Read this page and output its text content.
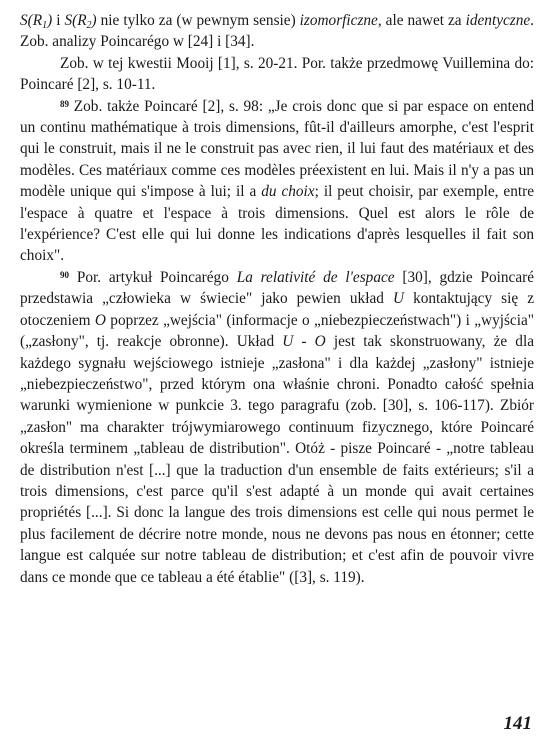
$S(R_1)$ i $S(R_2)$ nie tylko za (w pewnym sensie) izomorficzne, ale nawet za identyczne. Zob. analizy Poincarégo w [24] i [34].

Zob. w tej kwestii Mooij [1], s. 20-21. Por. także przedmowę Vuillemina do: Poincaré [2], s. 10-11.

$^{89}$ Zob. także Poincaré [2], s. 98: „Je crois donc que si par espace on entend un continu mathématique à trois dimensions, fût-il d'ailleurs amorphe, c'est l'esprit qui le construit, mais il ne le construit pas avec rien, il lui faut des matériaux et des modèles. Ces matériaux comme ces modèles préexistent en lui. Mais il n'y a pas un modèle unique qui s'impose à lui; il a du choix; il peut choisir, par exemple, entre l'espace à quatre et l'espace à trois dimensions. Quel est alors le rôle de l'expérience? C'est elle qui lui donne les indications d'après lesquelles il fait son choix".

$^{90}$ Por. artykuł Poincarégo La relativité de l'espace [30], gdzie Poincaré przedstawia „człowieka w świecie" jako pewien układ U kontaktujący się z otoczeniem O poprzez „wejścia" (informacje o „niebezpieczeństwach") i „wyjścia" („zasłony", tj. reakcje obronne). Układ U - O jest tak skonstruowany, że dla każdego sygnału wejściowego istnieje „zasłona" i dla każdej „zasłony" istnieje „niebezpieczeństwo", przed którym ona właśnie chroni. Ponadto całość spełnia warunki wymienione w punkcie 3. tego paragrafu (zob. [30], s. 106-117). Zbiór „zasłon" ma charakter trójwymiarowego continuum fizycznego, które Poincaré określa terminem „tableau de distribution". Otóż - pisze Poincaré - „notre tableau de distribution n'est [...] que la traduction d'un ensemble de faits extérieurs; s'il a trois dimensions, c'est parce qu'il s'est adapté à un monde qui avait certaines propriétés [...]. Si donc la langue des trois dimensions est celle qui nous permet le plus facilement de décrire notre monde, nous ne devons pas nous en étonner; cette langue est calquée sur notre tableau de distribution; et c'est afin de pouvoir vivre dans ce monde que ce tableau a été établie" ([3], s. 119).

141
